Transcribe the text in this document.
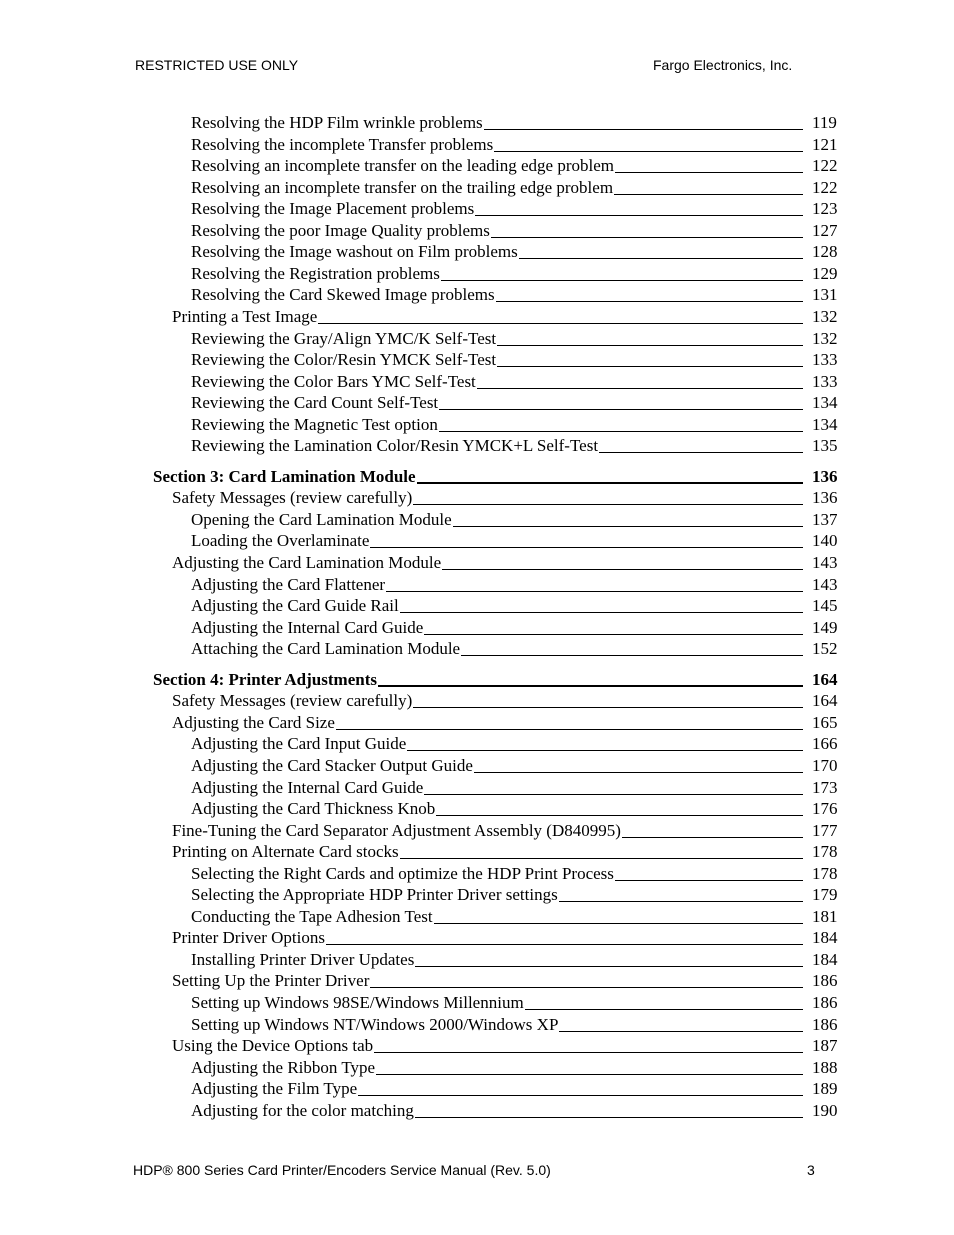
RESTRICTED USE ONLY	Fargo Electronics, Inc.
Resolving the HDP Film wrinkle problems	119
Resolving the incomplete Transfer problems	121
Resolving an incomplete transfer on the leading edge problem	122
Resolving an incomplete transfer on the trailing edge problem	122
Resolving the Image Placement problems	123
Resolving the poor Image Quality problems	127
Resolving the Image washout on Film problems	128
Resolving the Registration problems	129
Resolving the Card Skewed Image problems	131
Printing a Test Image	132
Reviewing the Gray/Align YMC/K Self-Test	132
Reviewing the Color/Resin YMCK Self-Test	133
Reviewing the Color Bars YMC Self-Test	133
Reviewing the Card Count Self-Test	134
Reviewing the Magnetic Test option	134
Reviewing the Lamination Color/Resin YMCK+L Self-Test	135
Section 3: Card Lamination Module	136
Safety Messages (review carefully)	136
Opening the Card Lamination Module	137
Loading the Overlaminate	140
Adjusting the Card Lamination Module	143
Adjusting the Card Flattener	143
Adjusting the Card Guide Rail	145
Adjusting the Internal Card Guide	149
Attaching the Card Lamination Module	152
Section 4: Printer Adjustments	164
Safety Messages (review carefully)	164
Adjusting the Card Size	165
Adjusting the Card Input Guide	166
Adjusting the Card Stacker Output Guide	170
Adjusting the Internal Card Guide	173
Adjusting the Card Thickness Knob	176
Fine-Tuning the Card Separator Adjustment Assembly (D840995)	177
Printing on Alternate Card stocks	178
Selecting the Right Cards and optimize the HDP Print Process	178
Selecting the Appropriate HDP Printer Driver settings	179
Conducting the Tape Adhesion Test	181
Printer Driver Options	184
Installing Printer Driver Updates	184
Setting Up the Printer Driver	186
Setting up Windows 98SE/Windows Millennium	186
Setting up Windows NT/Windows 2000/Windows XP	186
Using the Device Options tab	187
Adjusting the Ribbon Type	188
Adjusting the Film Type	189
Adjusting for the color matching	190
HDP® 800 Series Card Printer/Encoders Service Manual (Rev. 5.0)	3
